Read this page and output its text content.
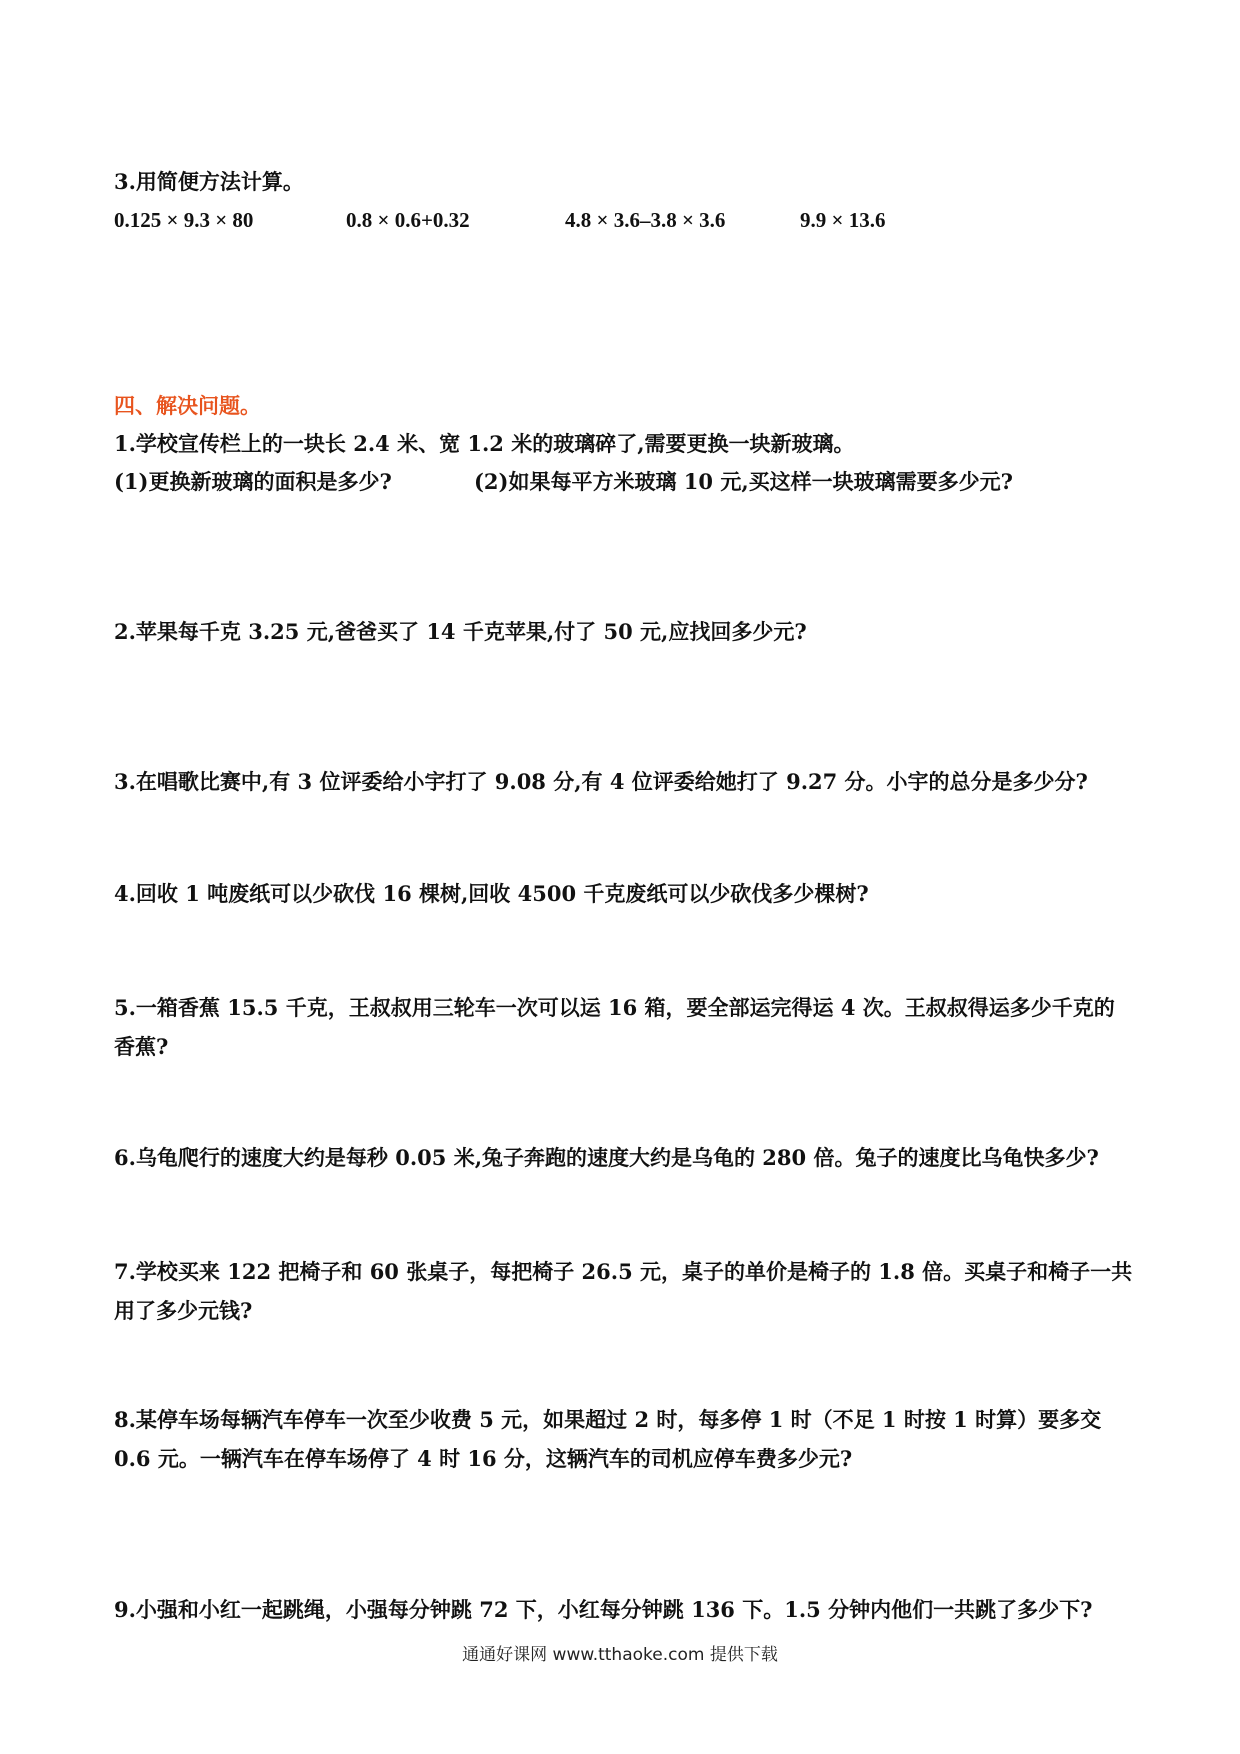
3.用简便方法计算。
0.125 × 9.3 × 80	0.8 × 0.6+0.32	4.8 × 3.6–3.8 × 3.6	9.9 × 13.6
四、解决问题。
1.学校宣传栏上的一块长 2.4 米、宽 1.2 米的玻璃碎了,需要更换一块新玻璃。
(1)更换新玻璃的面积是多少?	(2)如果每平方米玻璃 10 元,买这样一块玻璃需要多少元?
2.苹果每千克 3.25 元,爸爸买了 14 千克苹果,付了 50 元,应找回多少元?
3.在唱歌比赛中,有 3 位评委给小宇打了 9.08 分,有 4 位评委给她打了 9.27 分。小宇的总分是多少分?
4.回收 1 吨废纸可以少砍伐 16 棵树,回收 4500 千克废纸可以少砍伐多少棵树?
5.一箱香蕉 15.5 千克，王叔叔用三轮车一次可以运 16 箱，要全部运完得运 4 次。王叔叔得运多少千克的
香蕉?
6.乌龟爬行的速度大约是每秒 0.05 米,兔子奔跑的速度大约是乌龟的 280 倍。兔子的速度比乌龟快多少?
7.学校买来 122 把椅子和 60 张桌子，每把椅子 26.5 元，桌子的单价是椅子的 1.8 倍。买桌子和椅子一共
用了多少元钱?
8.某停车场每辆汽车停车一次至少收费 5 元，如果超过 2 时，每多停 1 时（不足 1 时按 1 时算）要多交
0.6 元。一辆汽车在停车场停了 4 时 16 分，这辆汽车的司机应停车费多少元?
9.小强和小红一起跳绳，小强每分钟跳 72 下，小红每分钟跳 136 下。1.5 分钟内他们一共跳了多少下?
通通好课网 www.tthaoke.com 提供下载
